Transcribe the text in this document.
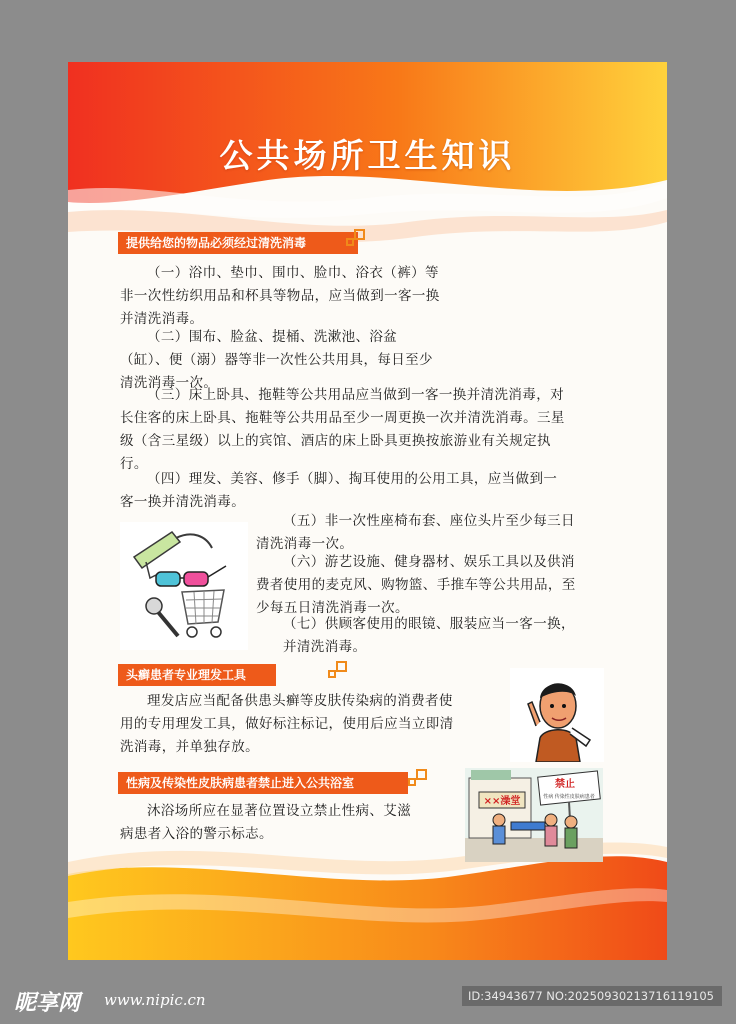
公共场所卫生知识
提供给您的物品必须经过清洗消毒

（一）浴巾、垫巾、围巾、脸巾、浴衣（裤）等

非一次性纺织用品和杯具等物品，应当做到一客一换

并清洗消毒。

（二）围布、脸盆、提桶、洗漱池、浴盆

（缸）、便（溺）器等非一次性公共用具，每日至少

清洗消毒一次。

（三）床上卧具、拖鞋等公共用品应当做到一客一换并清洗消毒，对

长住客的床上卧具、拖鞋等公共用品至少一周更换一次并清洗消毒。三星

级（含三星级）以上的宾馆、酒店的床上卧具更换按旅游业有关规定执

行。

（四）理发、美容、修手（脚）、掏耳使用的公用工具，应当做到一

客一换并清洗消毒。

（五）非一次性座椅布套、座位头片至少每三日

清洗消毒一次。

（六）游艺设施、健身器材、娱乐工具以及供消

费者使用的麦克风、购物篮、手推车等公共用品，至

少每五日清洗消毒一次。

（七）供顾客使用的眼镜、服装应当一客一换，

并清洗消毒。

头癣患者专业理发工具

理发店应当配备供患头癣等皮肤传染病的消费者使

用的专用理发工具，做好标注标记，使用后应当立即清

洗消毒，并单独存放。

性病及传染性皮肤病患者禁止进入公共浴室

沐浴场所应在显著位置设立禁止性病、艾滋

病患者入浴的警示标志。

××澡堂
禁止
性病 传染性皮肤病患者
昵享网 www.nipic.cn	ID:34943677 NO:20250930213716119105
